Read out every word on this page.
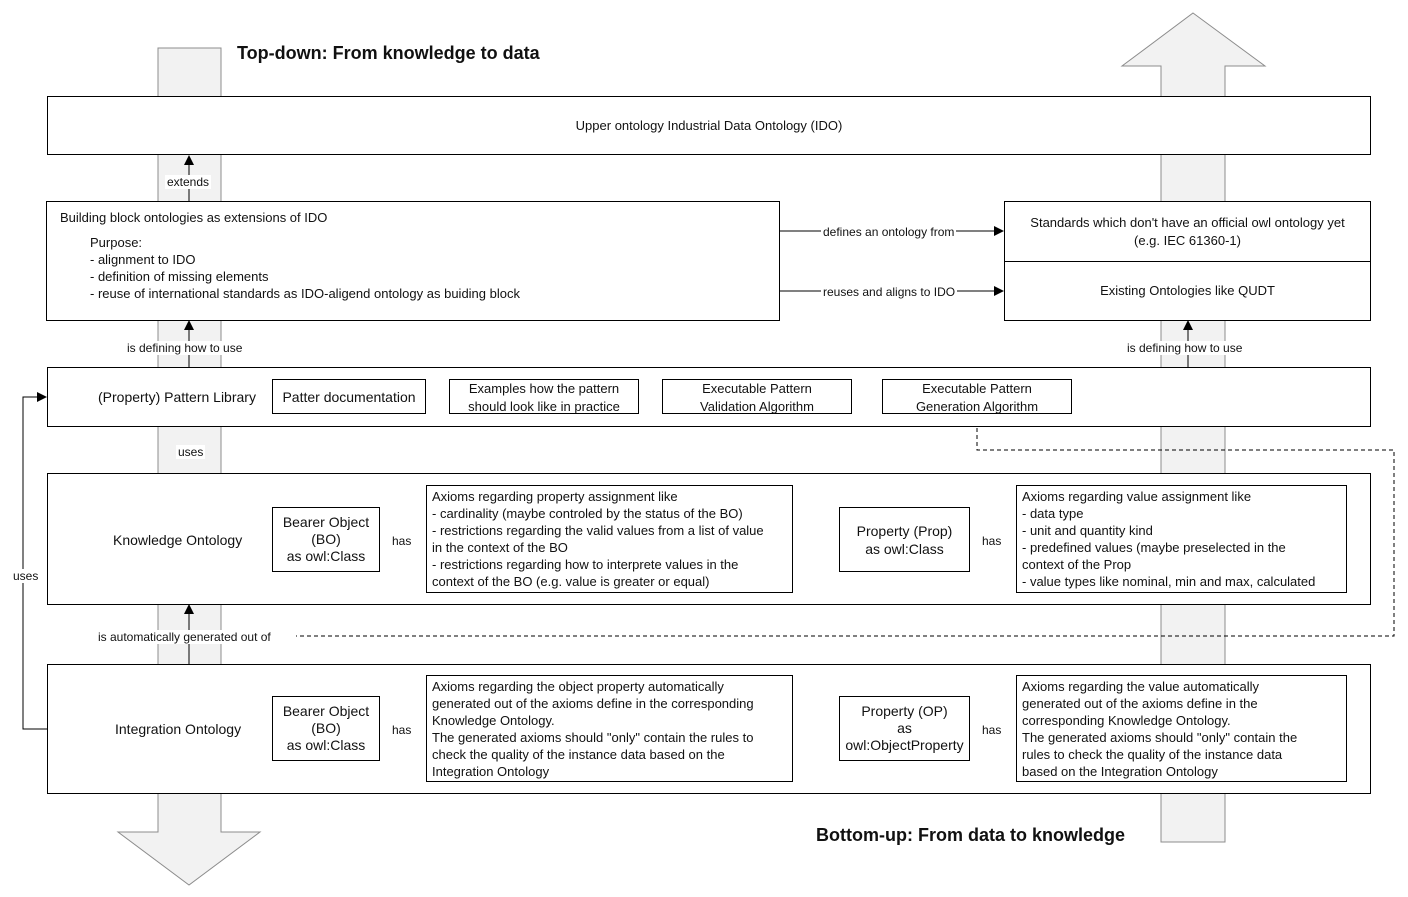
Top-down: From knowledge to data
Bottom-up: From data to knowledge
Upper ontology Industrial Data Ontology (IDO)
Building block ontologies as extensions of IDO
Purpose:
- alignment to IDO
- definition of missing elements
- reuse of international standards as IDO-aligend ontology as buiding block
Standards which don't have an official owl ontology yet
(e.g. IEC 61360-1)
Existing Ontologies like QUDT
(Property) Pattern Library	Patter documentation
Examples how the pattern
should look like in practice
Executable Pattern
Validation Algorithm
Executable Pattern
Generation Algorithm
Knowledge Ontology
Bearer Object
(BO)
as owl:Class
Axioms regarding property assignment like
- cardinality (maybe controled by the status of the BO)
- restrictions regarding the valid values from a list of value
in the context of the BO
- restrictions regarding how to interprete values in the
context of the BO (e.g. value is greater or equal)
Property (Prop)
as owl:Class
Axioms regarding value assignment like
- data type
- unit and quantity kind
- predefined values (maybe preselected in the
context of the Prop
- value types like nominal, min and max, calculated
Integration Ontology
Bearer Object
(BO)
as owl:Class
Axioms regarding the object property automatically
generated out of the axioms define in the corresponding
Knowledge Ontology.
The generated axioms should "only" contain the rules to
check the quality of the instance data based on the
Integration Ontology
Property (OP)
as
owl:ObjectProperty
Axioms regarding the value automatically
generated out of the axioms define in the
corresponding Knowledge Ontology.
The generated axioms should "only" contain the
rules to check the quality of the instance data
based on the Integration Ontology
extends
defines an ontology from
reuses and aligns to IDO
is defining how to use	is defining how to use
uses
uses
has	has
has	has
is automatically generated out of
